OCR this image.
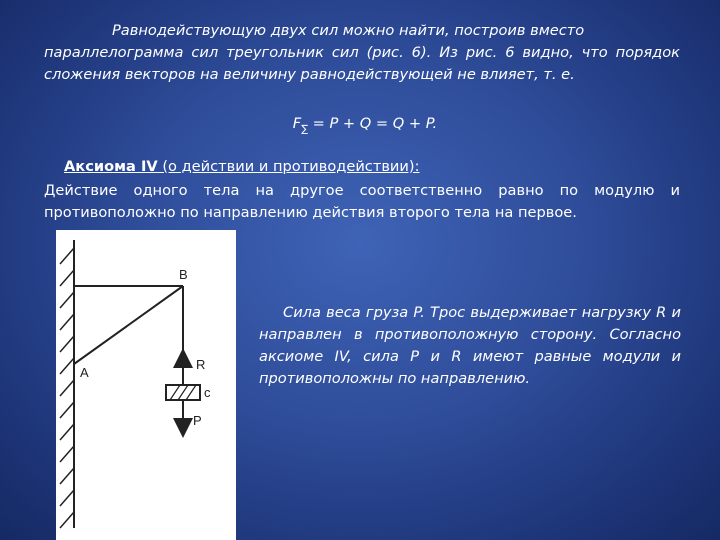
Равнодействующую двух сил можно найти, построив вместо
параллелограмма сил треугольник сил (рис. 6). Из рис. 6 видно, что порядок сложения векторов на величину равнодействующей не влияет, т. е.
$F_\sum = P + Q = Q + P$.
Аксиома IV (о действии и противодействии):
Действие одного тела на другое соответственно равно по модулю и
противоположно по направлению действия второго тела на первое.
B
A
R
c
P
Сила веса груза P. Трос выдерживает нагрузку R и
направлен в противоположную сторону. Согласно аксиоме IV, сила P и R имеют равные модули и противоположны по направлению.
